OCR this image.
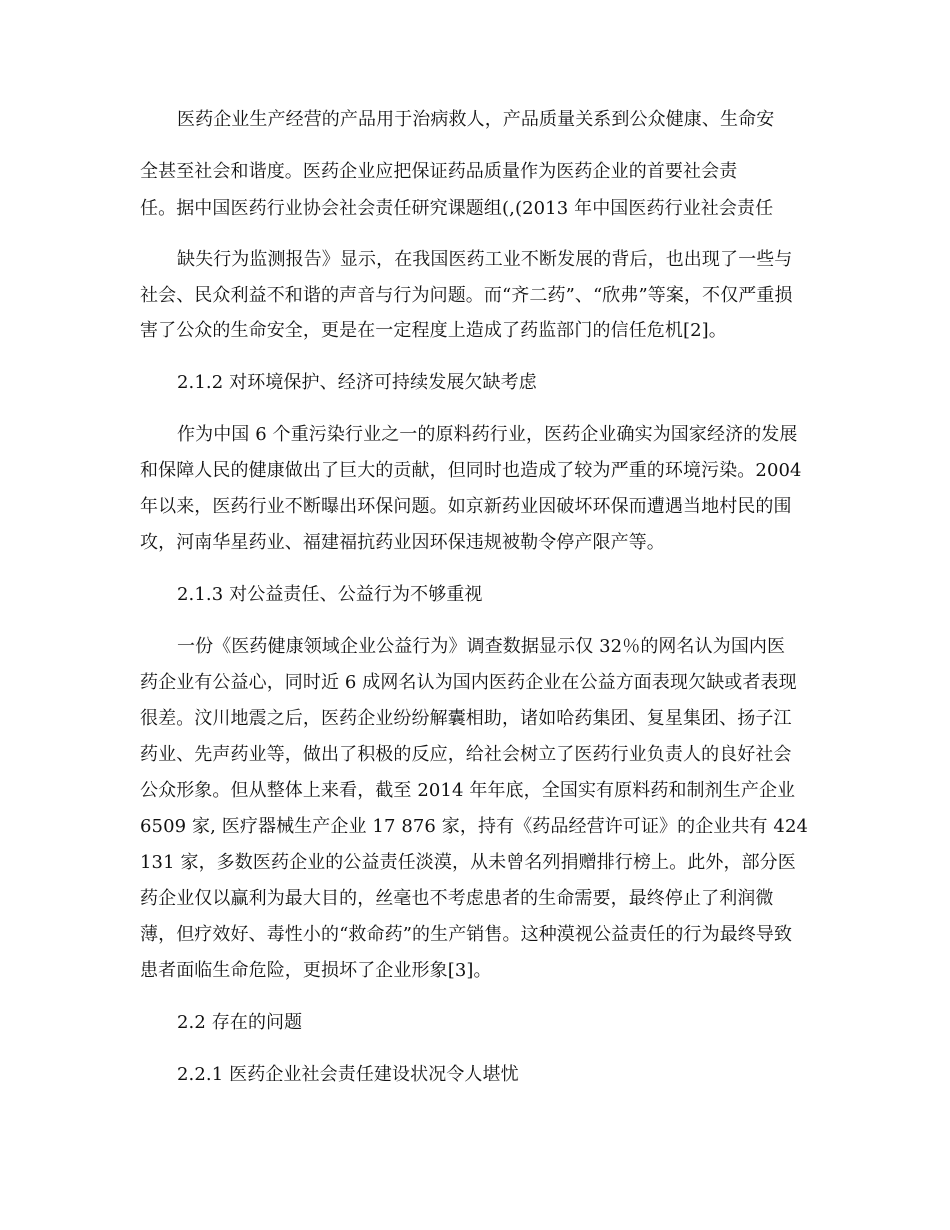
医药企业生产经营的产品用于治病救人，产品质量关系到公众健康、生命安
全甚至社会和谐度。医药企业应把保证药品质量作为医药企业的首要社会责
任。据中国医药行业协会社会责任研究课题组(,(2013 年中国医药行业社会责任
缺失行为监测报告》显示，在我国医药工业不断发展的背后，也出现了一些与
社会、民众利益不和谐的声音与行为问题。而“齐二药”、“欣弗”等案，不仅严重损
害了公众的生命安全，更是在一定程度上造成了药监部门的信任危机[2]。
2.1.2 对环境保护、经济可持续发展欠缺考虑
作为中国 6 个重污染行业之一的原料药行业，医药企业确实为国家经济的发展
和保障人民的健康做出了巨大的贡献，但同时也造成了较为严重的环境污染。2004
年以来，医药行业不断曝出环保问题。如京新药业因破坏环保而遭遇当地村民的围
攻，河南华星药业、福建福抗药业因环保违规被勒令停产限产等。
2.1.3 对公益责任、公益行为不够重视
一份《医药健康领域企业公益行为》调查数据显示仅 32％的网名认为国内医
药企业有公益心，同时近 6 成网名认为国内医药企业在公益方面表现欠缺或者表现
很差。汶川地震之后，医药企业纷纷解囊相助，诸如哈药集团、复星集团、扬子江
药业、先声药业等，做出了积极的反应，给社会树立了医药行业负责人的良好社会
公众形象。但从整体上来看，截至 2014 年年底，全国实有原料药和制剂生产企业
6509 家, 医疗器械生产企业 17 876 家，持有《药品经营许可证》的企业共有 424
131 家，多数医药企业的公益责任淡漠，从未曾名列捐赠排行榜上。此外，部分医
药企业仅以赢利为最大目的，丝毫也不考虑患者的生命需要，最终停止了利润微
薄，但疗效好、毒性小的“救命药”的生产销售。这种漠视公益责任的行为最终导致
患者面临生命危险，更损坏了企业形象[3]。
2.2 存在的问题
2.2.1 医药企业社会责任建设状况令人堪忧
